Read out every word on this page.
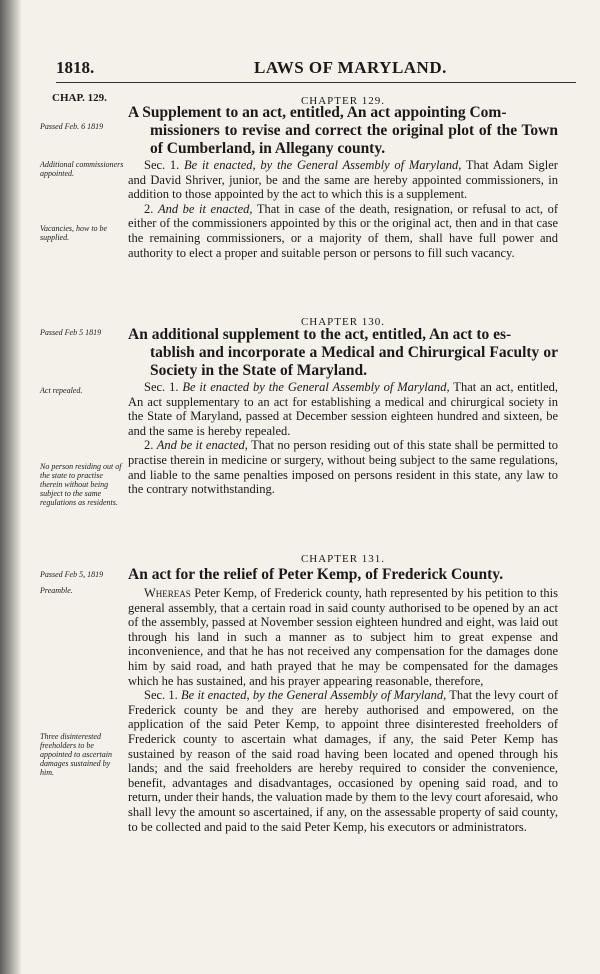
1818.	LAWS OF MARYLAND.
CHAP. 129.
Passed Feb. 6 1819
CHAPTER 129.
A Supplement to an act, entitled, An act appointing Com-
missioners to revise and correct the original plot of the Town of Cumberland, in Allegany county.
Additional commissioners appointed.
Vacancies, how to be supplied.

Sec. 1. Be it enacted, by the General Assembly of Maryland, That Adam Sigler and David Shriver, junior, be and the same are hereby appointed commissioners, in addition to those appointed by the act to which this is a supplement.

2. And be it enacted, That in case of the death, resignation, or refusal to act, of either of the commissioners appointed by this or the original act, then and in that case the remaining commissioners, or a majority of them, shall have full power and authority to elect a proper and suitable person or persons to fill such vacancy.

Passed Feb 5 1819
CHAPTER 130.
An additional supplement to the act, entitled, An act to es-
tablish and incorporate a Medical and Chirurgical Faculty or Society in the State of Maryland.
Act repealed.
No person residing out of the state to practise therein without being subject to the same regulations as residents.

Sec. 1. Be it enacted by the General Assembly of Maryland, That an act, entitled, An act supplementary to an act for establishing a medical and chirurgical society in the State of Maryland, passed at December session eighteen hundred and sixteen, be and the same is hereby repealed.

2. And be it enacted, That no person residing out of this state shall be permitted to practise therein in medicine or surgery, without being subject to the same regulations, and liable to the same penalties imposed on persons resident in this state, any law to the contrary notwithstanding.

Passed Feb 5, 1819
Preamble.
CHAPTER 131.
An act for the relief of Peter Kemp, of Frederick County.
Three disinterested freeholders to be appointed to ascertain damages sustained by him.

Whereas Peter Kemp, of Frederick county, hath represented by his petition to this general assembly, that a certain road in said county authorised to be opened by an act of the assembly, passed at November session eighteen hundred and eight, was laid out through his land in such a manner as to subject him to great expense and inconvenience, and that he has not received any compensation for the damages done him by said road, and hath prayed that he may be compensated for the damages which he has sustained, and his prayer appearing reasonable, therefore,

Sec. 1. Be it enacted, by the General Assembly of Maryland, That the levy court of Frederick county be and they are hereby authorised and empowered, on the application of the said Peter Kemp, to appoint three disinterested freeholders of Frederick county to ascertain what damages, if any, the said Peter Kemp has sustained by reason of the said road having been located and opened through his lands; and the said freeholders are hereby required to consider the convenience, benefit, advantages and disadvantages, occasioned by opening said road, and to return, under their hands, the valuation made by them to the levy court aforesaid, who shall levy the amount so ascertained, if any, on the assessable property of said county, to be collected and paid to the said Peter Kemp, his executors or administrators.
